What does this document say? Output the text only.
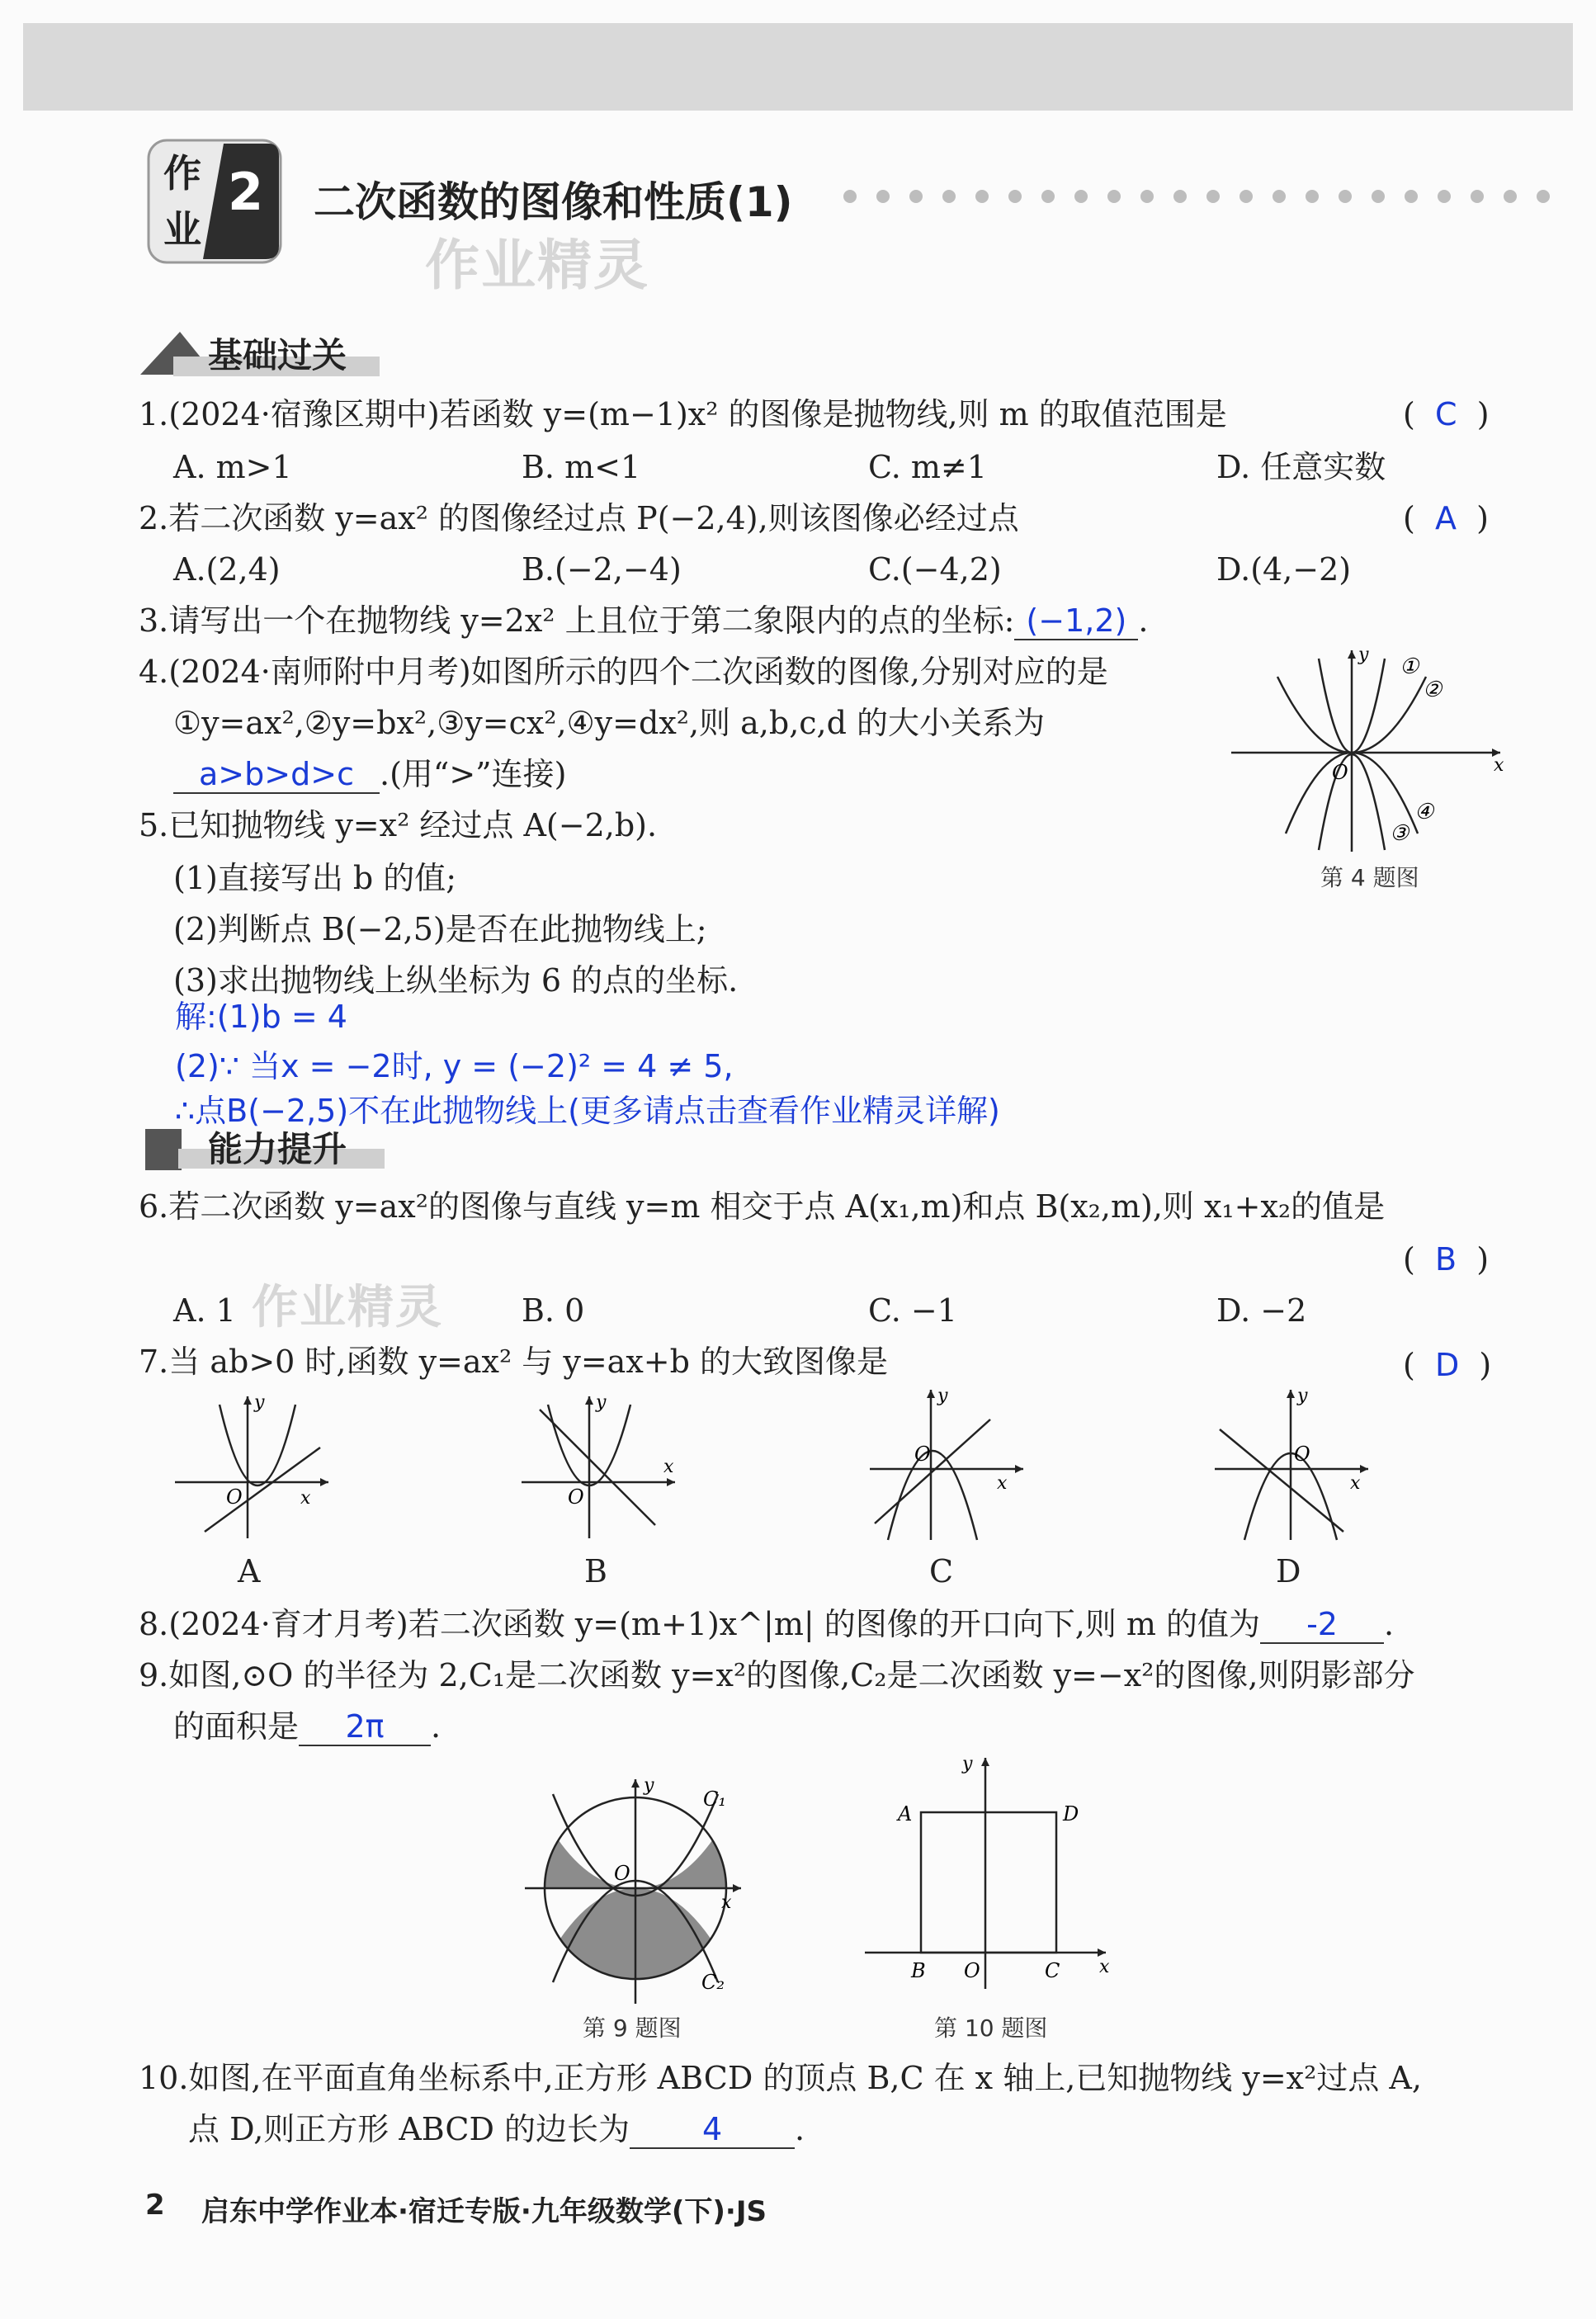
作
业
2 二次函数的图像和性质(1)
作业精灵
基础过关
1.(2024·宿豫区期中)若函数 y=(m−1)x² 的图像是抛物线,则 m 的取值范围是	(  C  )
A. m>1	B. m<1	C. m≠1	D. 任意实数
2.若二次函数 y=ax² 的图像经过点 P(−2,4),则该图像必经过点	(  A  )
A.(2,4)	B.(−2,−4)	C.(−4,2)	D.(4,−2)
3.请写出一个在抛物线 y=2x² 上且位于第二象限内的点的坐标: (−1,2) .
4.(2024·南师附中月考)如图所示的四个二次函数的图像,分别对应的是
①y=ax²,②y=bx²,③y=cx²,④y=dx²,则 a,b,c,d 的大小关系为
a>b>d>c .(用“>”连接)
①
②
③
④
y
x
O
第 4 题图
5.已知抛物线 y=x² 经过点 A(−2,b).
(1)直接写出 b 的值;
(2)判断点 B(−2,5)是否在此抛物线上;
(3)求出抛物线上纵坐标为 6 的点的坐标.
解:(1)b = 4
(2)∵ 当x = −2时, y = (−2)² = 4 ≠ 5,
∴点B(−2,5)不在此抛物线上(更多请点击查看作业精灵详解)
能力提升
6.若二次函数 y=ax²的图像与直线 y=m 相交于点 A(x₁,m)和点 B(x₂,m),则 x₁+x₂的值是
(  B  )
A. 1 作业精灵	B. 0	C. −1	D. −2
7.当 ab>0 时,函数 y=ax² 与 y=ax+b 的大致图像是	(  D  )
y
x
O
A
y
x
O
B
y
x
O
C
y
x
O
D
8.(2024·育才月考)若二次函数 y=(m+1)x^|m| 的图像的开口向下,则 m 的值为 -2 .
9.如图,⊙O 的半径为 2,C₁是二次函数 y=x²的图像,C₂是二次函数 y=−x²的图像,则阴影部分
的面积是 2π .
y
x
O
C₁
C₂
第 9 题图
A	D
B O	C
y
x
第 10 题图
10.如图,在平面直角坐标系中,正方形 ABCD 的顶点 B,C 在 x 轴上,已知抛物线 y=x²过点 A,
点 D,则正方形 ABCD 的边长为 4 .
2 启东中学作业本·宿迁专版·九年级数学(下)·JS
